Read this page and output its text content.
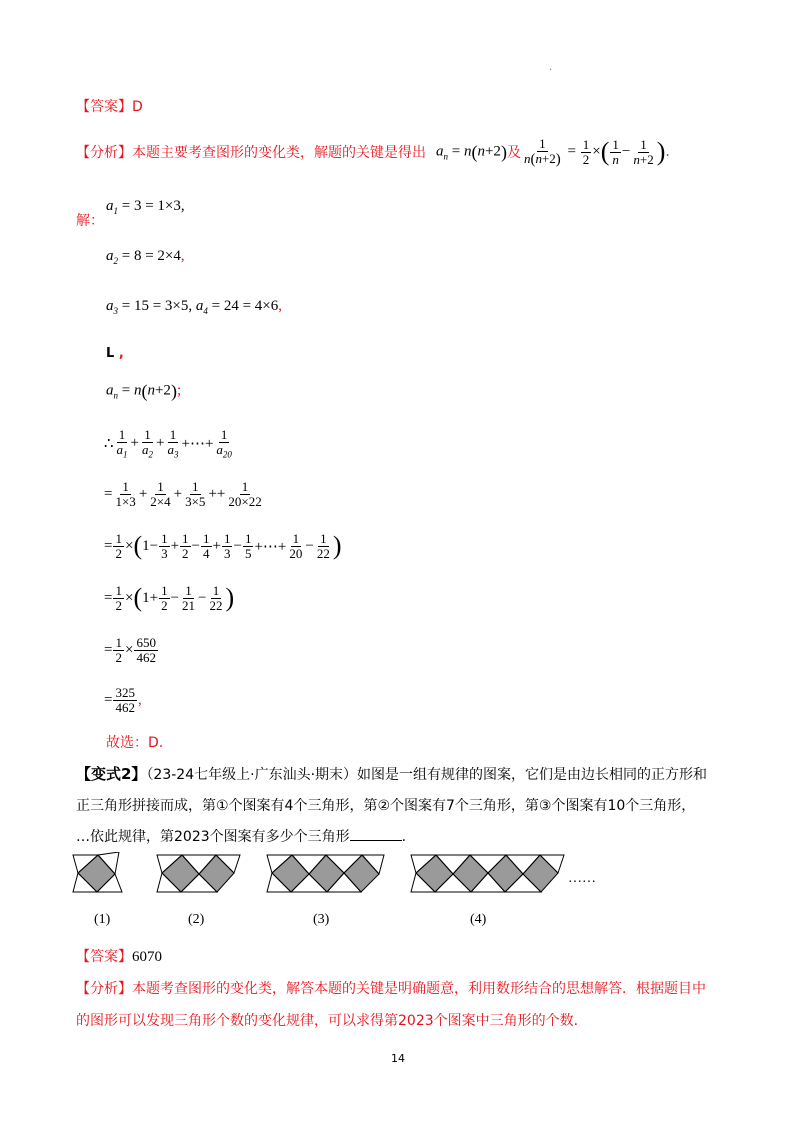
.
【答案】D
【分析】 本题主要考查图形的变化类，解题的关键是得出 $a_n = n(n+2)$ 及 $\frac{1}{n(n+2)} = \frac{1}{2}$ ×( $\frac{1}{n} - \frac{1}{n+2}$ ) .
解：
$a_1 = 3 = 1\times 3$,
$a_2 = 8 = 2\times 4$,
$a_3 = 15 = 3\times 5$, $a_4 = 24 = 4\times 6$,
L ,
$a_n = n(n+2)$;
∴ $\frac{1}{a_1} + \frac{1}{a_2} + \frac{1}{a_3}$ +⋯+ $\frac{1}{a_{20}}$
= $\frac{1}{1\times 3} + \frac{1}{2\times 4} + \frac{1}{3\times 5} ++ \frac{1}{20\times 22}$
= $\frac{1}{2}$ × ( $1- \frac{1}{3} + \frac{1}{2} - \frac{1}{4} + \frac{1}{3} - \frac{1}{5}$ +⋯+ $\frac{1}{20} - \frac{1}{22}$ )
= $\frac{1}{2}$ × ( $1+ \frac{1}{2} - \frac{1}{21} - \frac{1}{22}$ )
= $\frac{1}{2} \times \frac{650}{462}$
= $\frac{325}{462}$ ,
故选：D.
【变式2】（23-24七年级上·广东汕头·期末）如图是一组有规律的图案，它们是由边长相同的正方形和
正三角形拼接而成，第①个图案有4个三角形，第②个图案有7个三角形，第③个图案有10个三角形，
…依此规律，第2023个图案有多少个三角形	.
……
(1)	(2)	(3)	(4)
【答案】6070
【分析】本题考查图形的变化类，解答本题的关键是明确题意，利用数形结合的思想解答．根据题目中
的图形可以发现三角形个数的变化规律，可以求得第2023个图案中三角形的个数．
14
